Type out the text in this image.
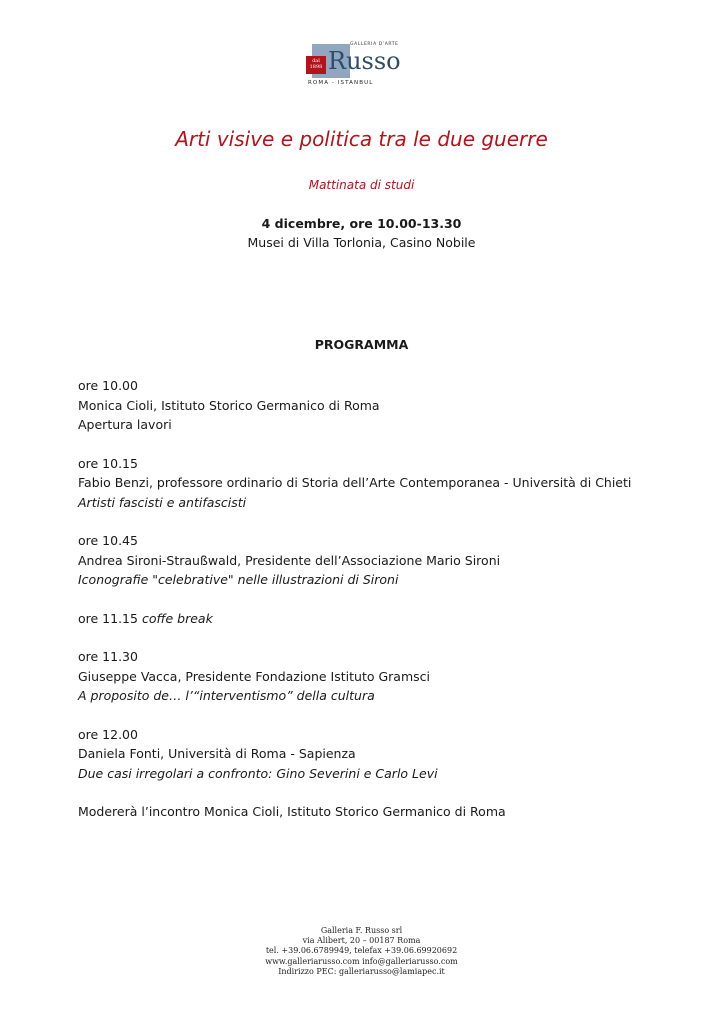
dal
1898
GALLERIA D'ARTE
Russo
ROMA - ISTANBUL
Arti visive e politica tra le due guerre
Mattinata di studi
4 dicembre, ore 10.00-13.30
Musei di Villa Torlonia, Casino Nobile
PROGRAMMA
ore 10.00
Monica Cioli, Istituto Storico Germanico di Roma
Apertura lavori
ore 10.15
Fabio Benzi, professore ordinario di Storia dell’Arte Contemporanea - Università di Chieti
Artisti fascisti e antifascisti
ore 10.45
Andrea Sironi-Straußwald, Presidente dell’Associazione Mario Sironi
Iconografie "celebrative" nelle illustrazioni di Sironi
ore 11.15 coffe break
ore 11.30
Giuseppe Vacca, Presidente Fondazione Istituto Gramsci
A proposito de… l’“interventismo” della cultura
ore 12.00
Daniela Fonti, Università di Roma - Sapienza
Due casi irregolari a confronto: Gino Severini e Carlo Levi
Modererà l’incontro Monica Cioli, Istituto Storico Germanico di Roma
Galleria F. Russo srl
via Alibert, 20 – 00187 Roma
tel. +39.06.6789949, telefax +39.06.69920692
www.galleriarusso.com info@galleriarusso.com
Indirizzo PEC: galleriarusso@lamiapec.it
